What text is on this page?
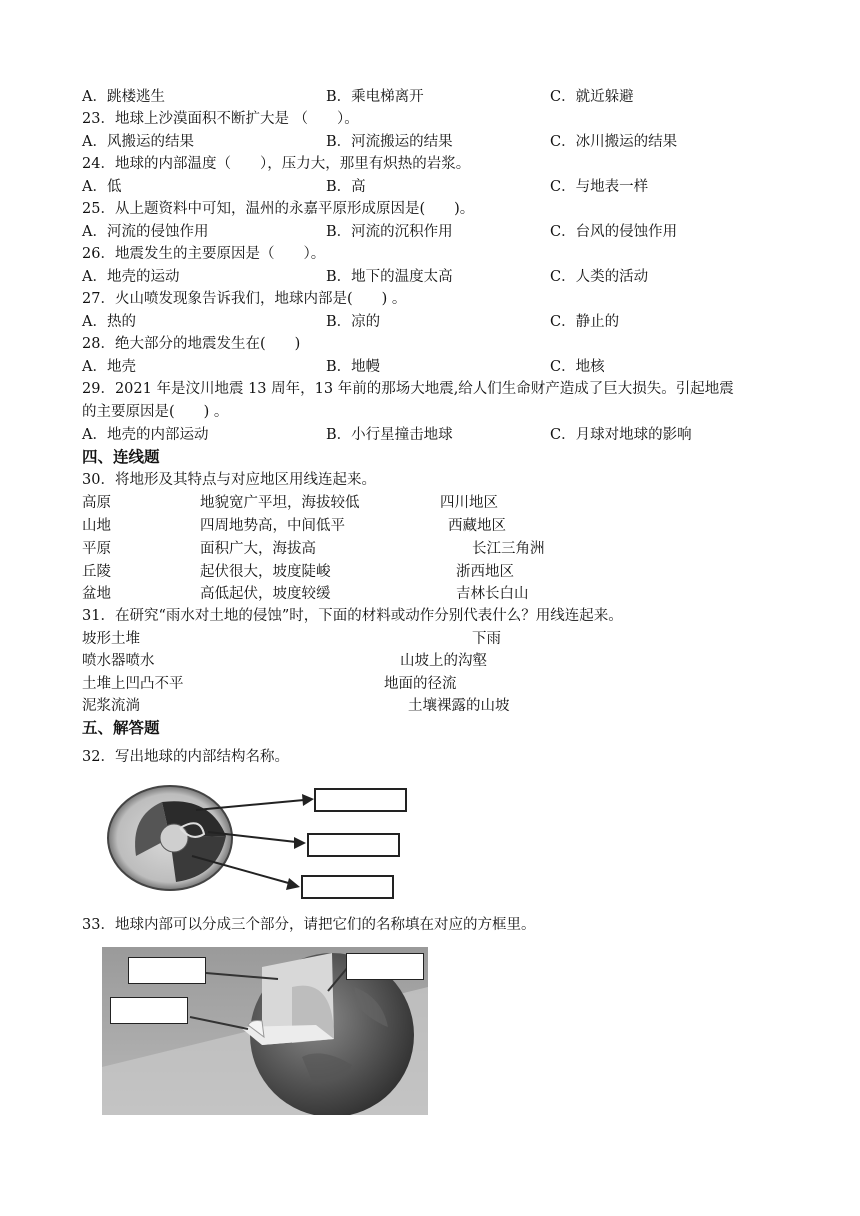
A．跳楼逃生	B．乘电梯离开	C．就近躲避
23．地球上沙漠面积不断扩大是 （　　）。
A．风搬运的结果	B．河流搬运的结果	C．冰川搬运的结果
24．地球的内部温度（　　），压力大，那里有炽热的岩浆。
A．低	B．高	C．与地表一样
25．从上题资料中可知，温州的永嘉平原形成原因是(　　)。
A．河流的侵蚀作用	B．河流的沉积作用	C．台风的侵蚀作用
26．地震发生的主要原因是（　　）。
A．地壳的运动	B．地下的温度太高	C．人类的活动
27．火山喷发现象告诉我们，地球内部是(　　) 。
A．热的	B．凉的	C．静止的
28．绝大部分的地震发生在(　　)
A．地壳	B．地幔	C．地核
29．2021 年是汶川地震 13 周年，13 年前的那场大地震,给人们生命财产造成了巨大损失。引起地震
的主要原因是(　　) 。
A．地壳的内部运动	B．小行星撞击地球	C．月球对地球的影响
四、连线题
30．将地形及其特点与对应地区用线连起来。
高原	地貌宽广平坦，海拔较低	四川地区
山地	四周地势高，中间低平	西藏地区
平原	面积广大，海拔高	长江三角洲
丘陵	起伏很大，坡度陡峻	浙西地区
盆地	高低起伏，坡度较缓	吉林长白山
31．在研究“雨水对土地的侵蚀”时，下面的材料或动作分别代表什么？用线连起来。
坡形土堆	下雨
喷水器喷水	山坡上的沟壑
土堆上凹凸不平	地面的径流
泥浆流淌	土壤裸露的山坡
五、解答题
32．写出地球的内部结构名称。
33．地球内部可以分成三个部分，请把它们的名称填在对应的方框里。
